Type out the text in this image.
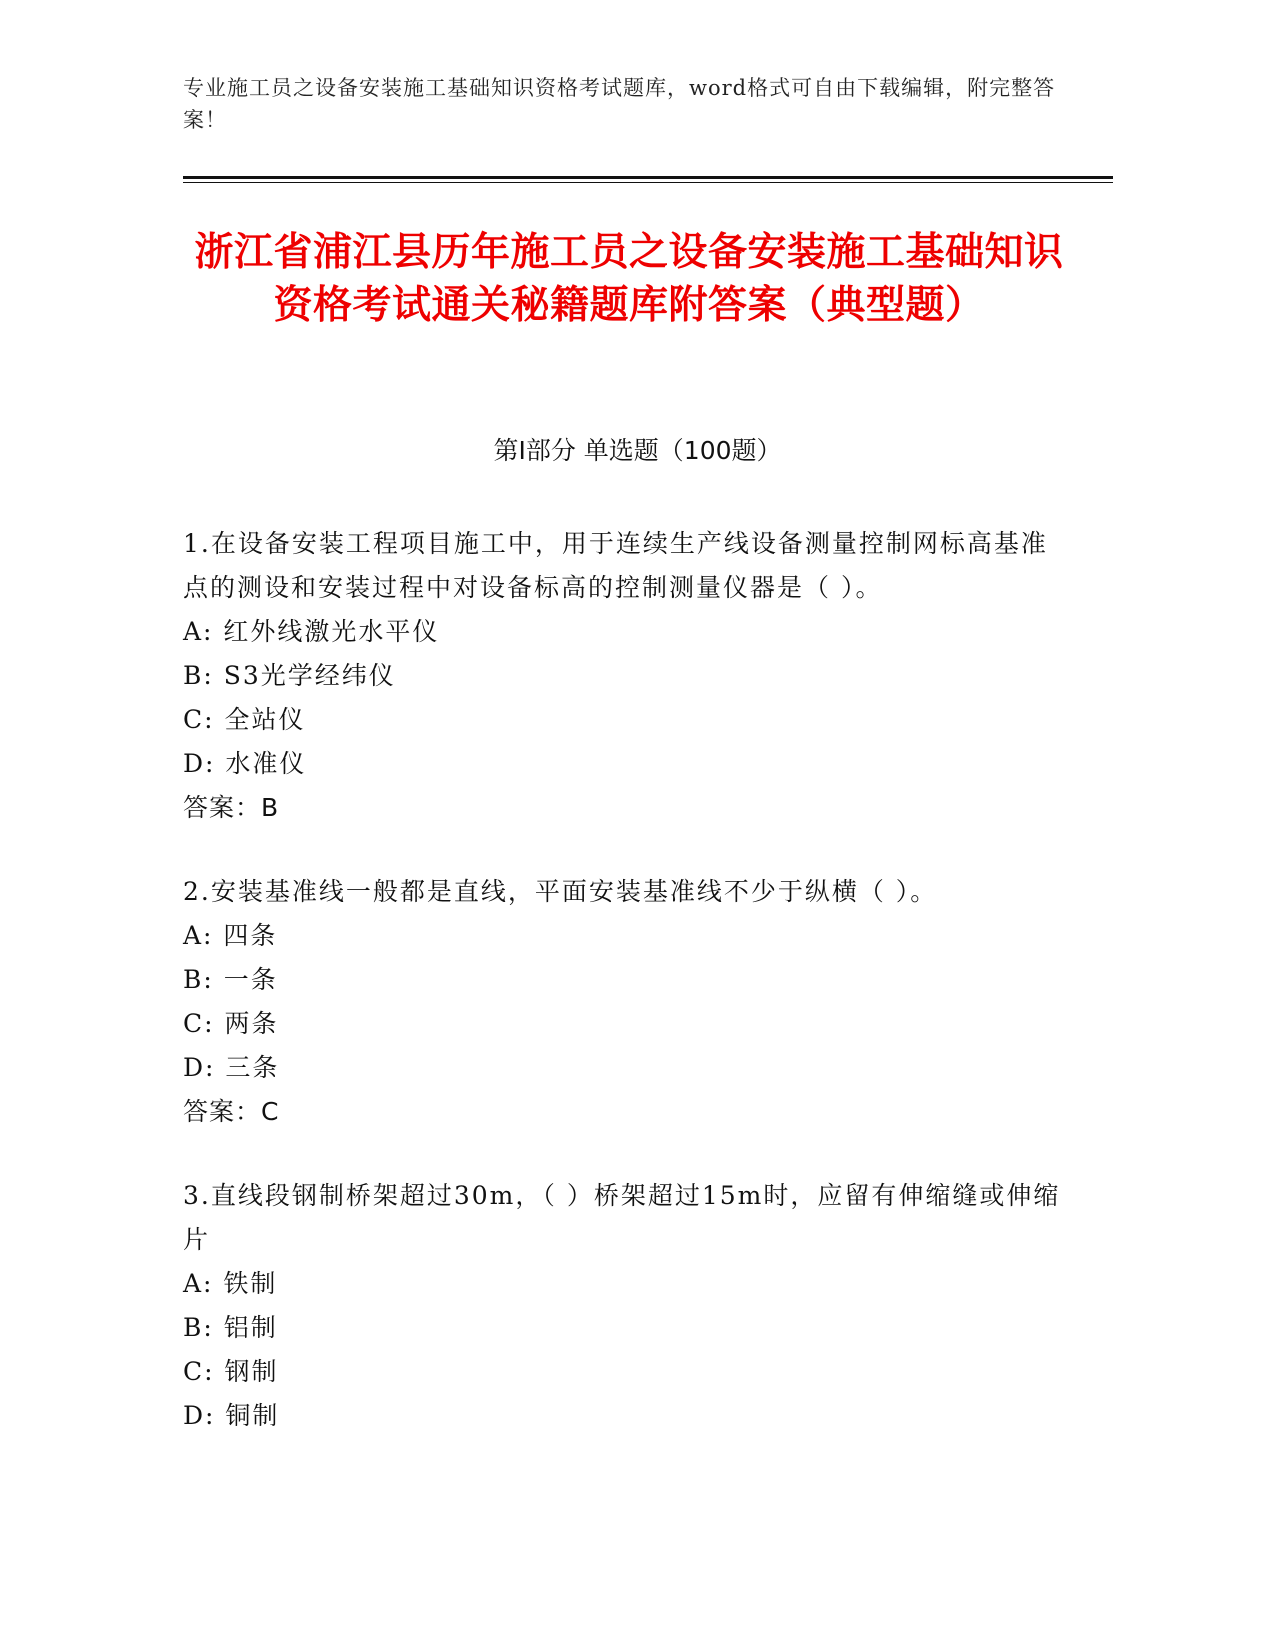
专业施工员之设备安装施工基础知识资格考试题库，word格式可自由下载编辑，附完整答案！
浙江省浦江县历年施工员之设备安装施工基础知识资格考试通关秘籍题库附答案（典型题）
第Ⅰ部分 单选题（100题）
1.在设备安装工程项目施工中，用于连续生产线设备测量控制网标高基准点的测设和安装过程中对设备标高的控制测量仪器是（ ）。
A: 红外线激光水平仪
B: S3光学经纬仪
C: 全站仪
D: 水准仪
答案：B
2.安装基准线一般都是直线，平面安装基准线不少于纵横（ ）。
A: 四条
B: 一条
C: 两条
D: 三条
答案：C
3.直线段钢制桥架超过30m，（ ）桥架超过15m时，应留有伸缩缝或伸缩片
A: 铁制
B: 铝制
C: 钢制
D: 铜制
